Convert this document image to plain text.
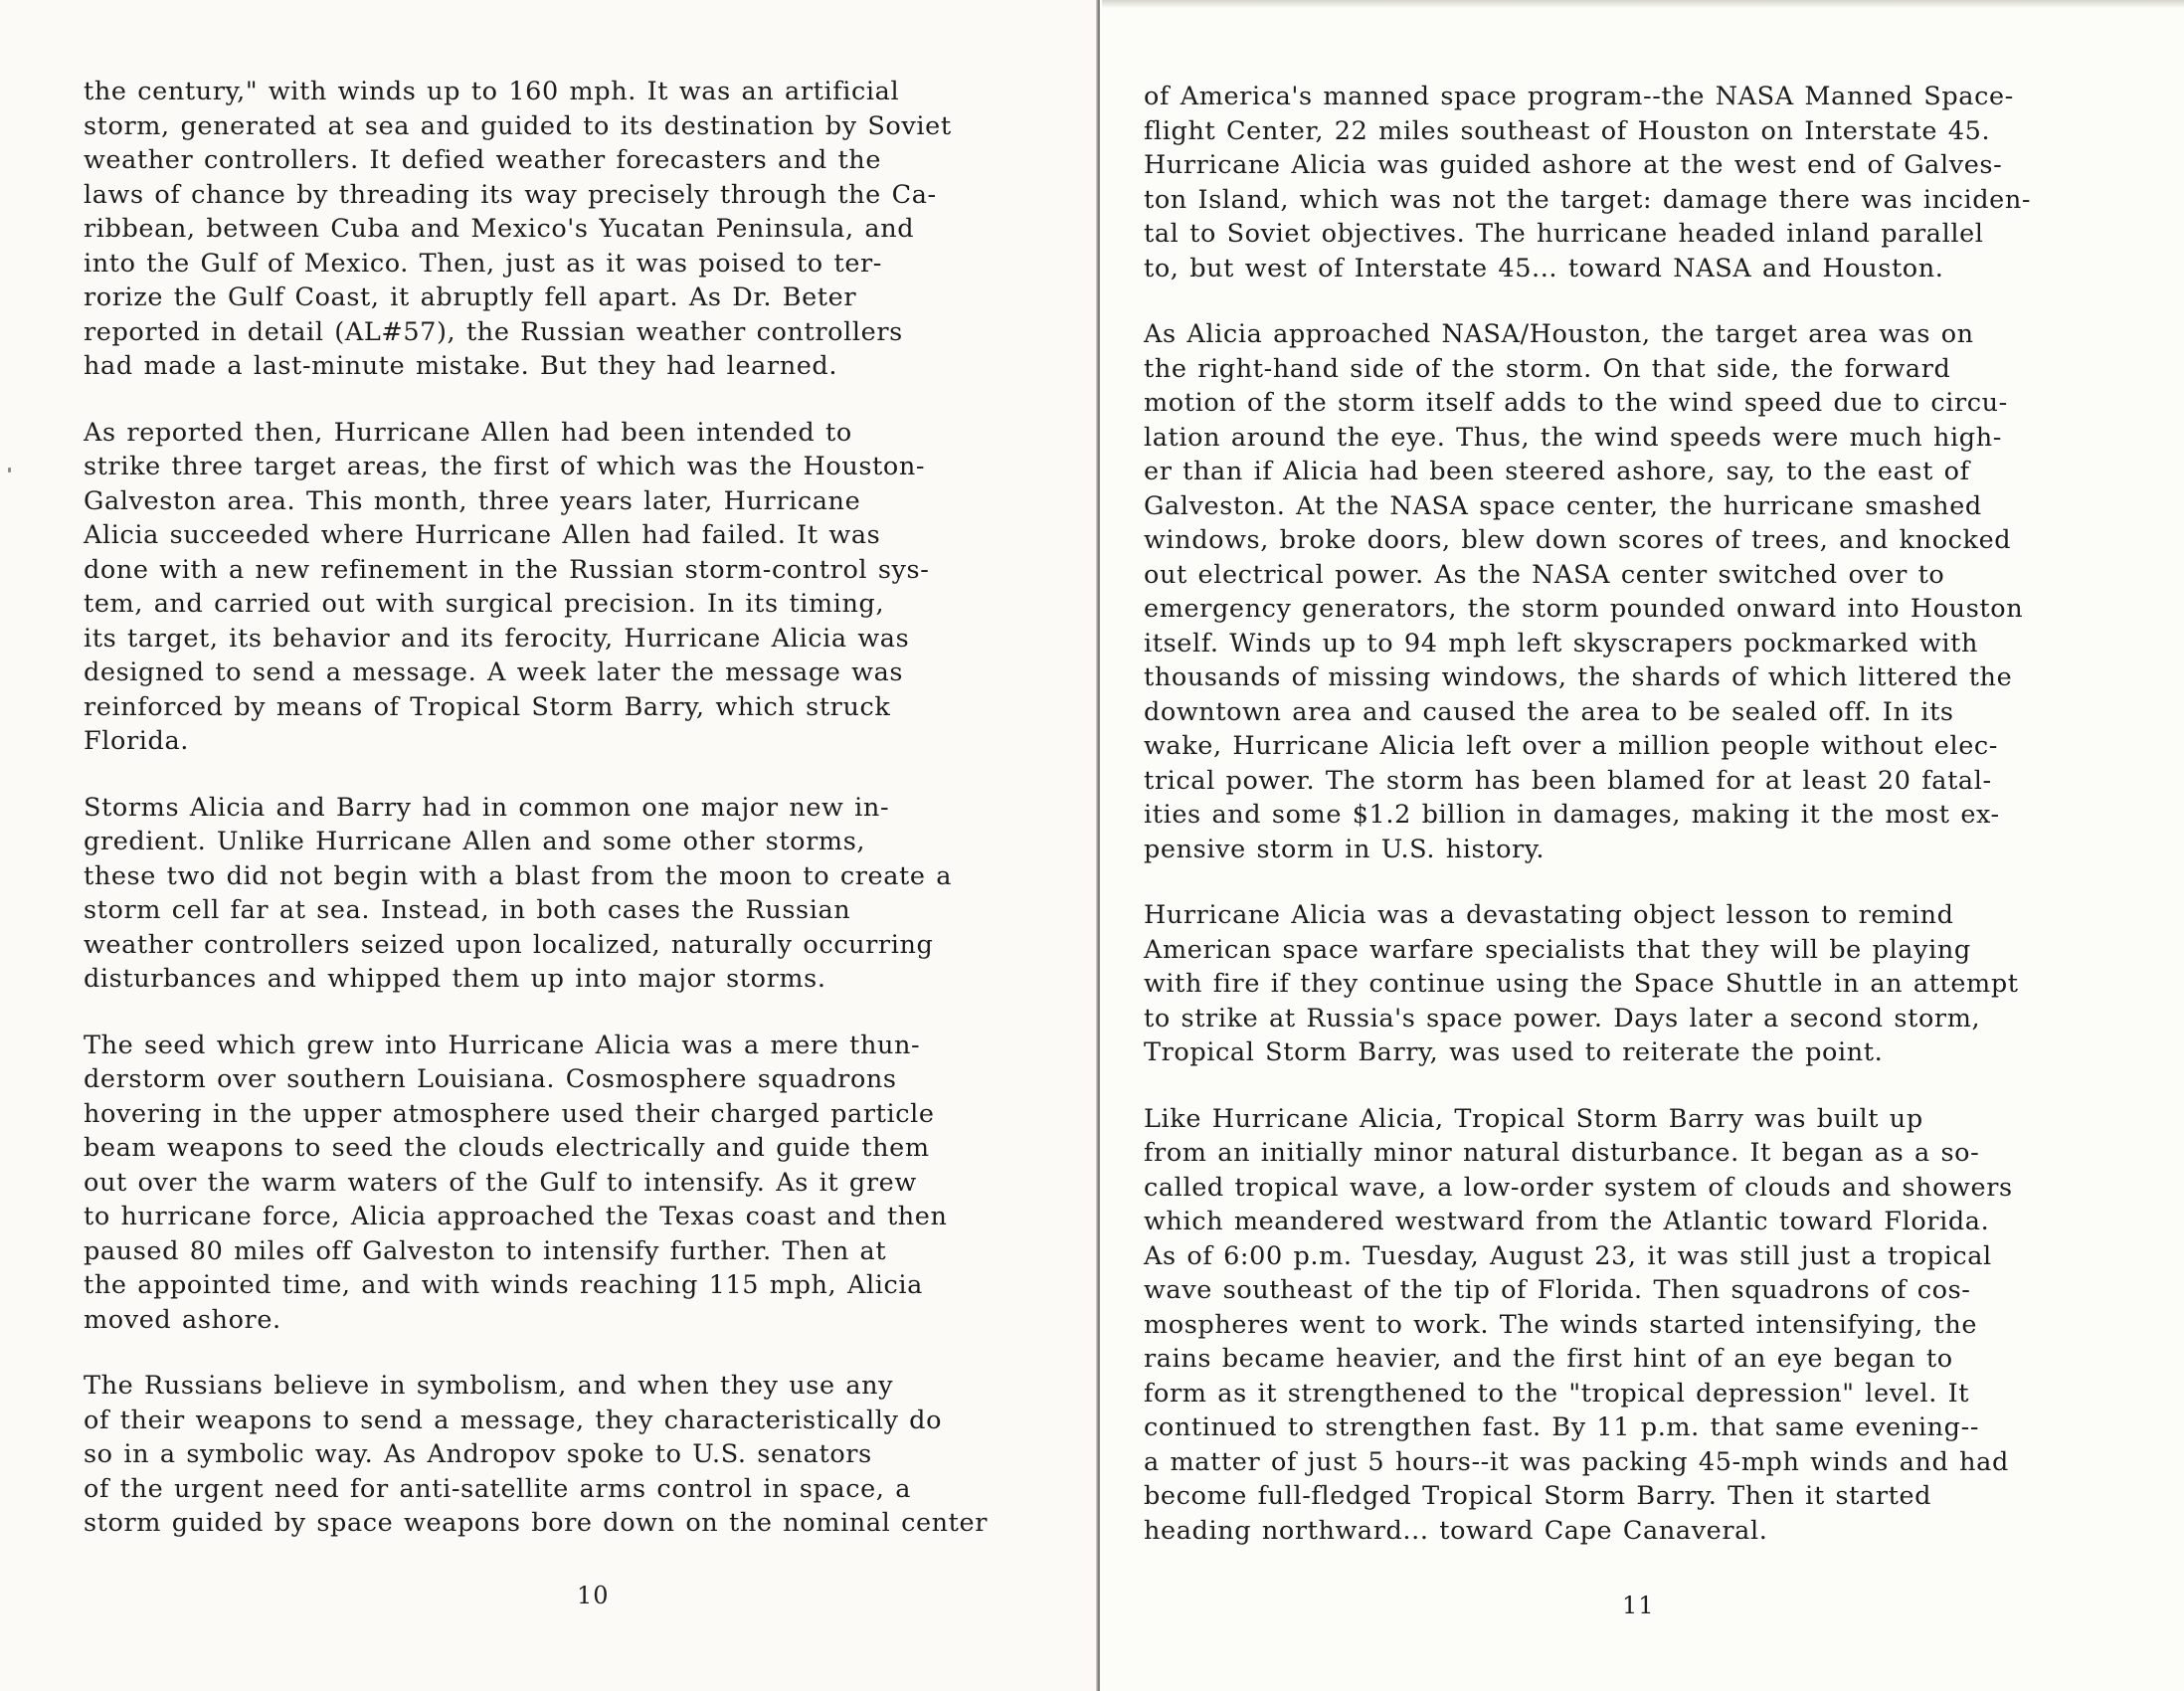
the century," with winds up to 160 mph. It was an artificial
storm, generated at sea and guided to its destination by Soviet
weather controllers. It defied weather forecasters and the
laws of chance by threading its way precisely through the Ca-
ribbean, between Cuba and Mexico's Yucatan Peninsula, and
into the Gulf of Mexico. Then, just as it was poised to ter-
rorize the Gulf Coast, it abruptly fell apart. As Dr. Beter
reported in detail (AL#57), the Russian weather controllers
had made a last-minute mistake. But they had learned.

As reported then, Hurricane Allen had been intended to
strike three target areas, the first of which was the Houston-
Galveston area. This month, three years later, Hurricane
Alicia succeeded where Hurricane Allen had failed. It was
done with a new refinement in the Russian storm-control sys-
tem, and carried out with surgical precision. In its timing,
its target, its behavior and its ferocity, Hurricane Alicia was
designed to send a message. A week later the message was
reinforced by means of Tropical Storm Barry, which struck
Florida.

Storms Alicia and Barry had in common one major new in-
gredient. Unlike Hurricane Allen and some other storms,
these two did not begin with a blast from the moon to create a
storm cell far at sea. Instead, in both cases the Russian
weather controllers seized upon localized, naturally occurring
disturbances and whipped them up into major storms.

The seed which grew into Hurricane Alicia was a mere thun-
derstorm over southern Louisiana. Cosmosphere squadrons
hovering in the upper atmosphere used their charged particle
beam weapons to seed the clouds electrically and guide them
out over the warm waters of the Gulf to intensify. As it grew
to hurricane force, Alicia approached the Texas coast and then
paused 80 miles off Galveston to intensify further. Then at
the appointed time, and with winds reaching 115 mph, Alicia
moved ashore.

The Russians believe in symbolism, and when they use any
of their weapons to send a message, they characteristically do
so in a symbolic way. As Andropov spoke to U.S. senators
of the urgent need for anti-satellite arms control in space, a
storm guided by space weapons bore down on the nominal center

10

of America's manned space program--the NASA Manned Space-
flight Center, 22 miles southeast of Houston on Interstate 45.
Hurricane Alicia was guided ashore at the west end of Galves-
ton Island, which was not the target: damage there was inciden-
tal to Soviet objectives. The hurricane headed inland parallel
to, but west of Interstate 45... toward NASA and Houston.

As Alicia approached NASA/Houston, the target area was on
the right-hand side of the storm. On that side, the forward
motion of the storm itself adds to the wind speed due to circu-
lation around the eye. Thus, the wind speeds were much high-
er than if Alicia had been steered ashore, say, to the east of
Galveston. At the NASA space center, the hurricane smashed
windows, broke doors, blew down scores of trees, and knocked
out electrical power. As the NASA center switched over to
emergency generators, the storm pounded onward into Houston
itself. Winds up to 94 mph left skyscrapers pockmarked with
thousands of missing windows, the shards of which littered the
downtown area and caused the area to be sealed off. In its
wake, Hurricane Alicia left over a million people without elec-
trical power. The storm has been blamed for at least 20 fatal-
ities and some $1.2 billion in damages, making it the most ex-
pensive storm in U.S. history.

Hurricane Alicia was a devastating object lesson to remind
American space warfare specialists that they will be playing
with fire if they continue using the Space Shuttle in an attempt
to strike at Russia's space power. Days later a second storm,
Tropical Storm Barry, was used to reiterate the point.

Like Hurricane Alicia, Tropical Storm Barry was built up
from an initially minor natural disturbance. It began as a so-
called tropical wave, a low-order system of clouds and showers
which meandered westward from the Atlantic toward Florida.
As of 6:00 p.m. Tuesday, August 23, it was still just a tropical
wave southeast of the tip of Florida. Then squadrons of cos-
mospheres went to work. The winds started intensifying, the
rains became heavier, and the first hint of an eye began to
form as it strengthened to the "tropical depression" level. It
continued to strengthen fast. By 11 p.m. that same evening--
a matter of just 5 hours--it was packing 45-mph winds and had
become full-fledged Tropical Storm Barry. Then it started
heading northward... toward Cape Canaveral.

11
